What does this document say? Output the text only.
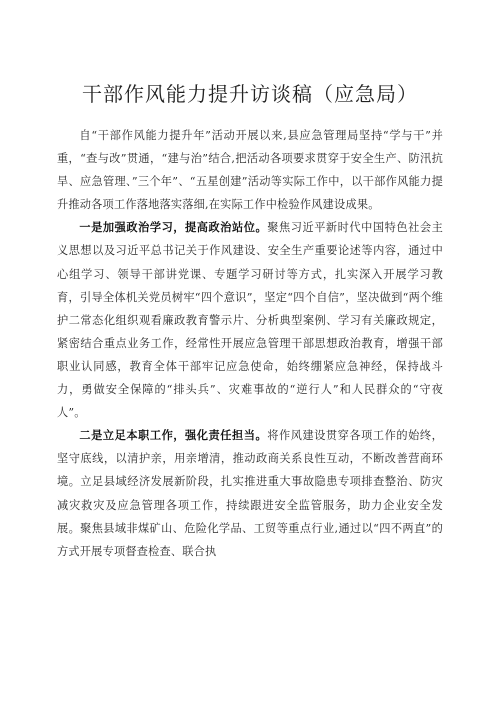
干部作风能力提升访谈稿（应急局）

自“干部作风能力提升年”活动开展以来,县应急管理局坚持“学与干”并重，“查与改”贯通，“建与治”结合,把活动各项要求贯穿于安全生产、防汛抗旱、应急管理、”三个年”、“五星创建”活动等实际工作中，以干部作风能力提升推动各项工作落地落实落细,在实际工作中检验作风建设成果。

一是加强政治学习，提高政治站位。聚焦习近平新时代中国特色社会主义思想以及习近平总书记关于作风建设、安全生产重要论述等内容，通过中心组学习、领导干部讲党课、专题学习研讨等方式，扎实深入开展学习教育，引导全体机关党员树牢“四个意识”，坚定“四个自信”，坚决做到“两个维护二常态化组织观看廉政教育警示片、分析典型案例、学习有关廉政规定，紧密结合重点业务工作，经常性开展应急管理干部思想政治教育，增强干部职业认同感，教育全体干部牢记应急使命，始终绷紧应急神经，保持战斗力，勇做安全保障的“排头兵”、灾难事故的“逆行人”和人民群众的“守夜人”。

二是立足本职工作，强化责任担当。将作风建设贯穿各项工作的始终，坚守底线，以清护亲，用亲增清，推动政商关系良性互动，不断改善营商环境。立足县域经济发展新阶段，扎实推进重大事故隐患专项排查整治、防灾减灾救灾及应急管理各项工作，持续跟进安全监管服务，助力企业安全发展。聚焦县域非煤矿山、危险化学品、工贸等重点行业,通过以“四不两直”的方式开展专项督查检查、联合执
